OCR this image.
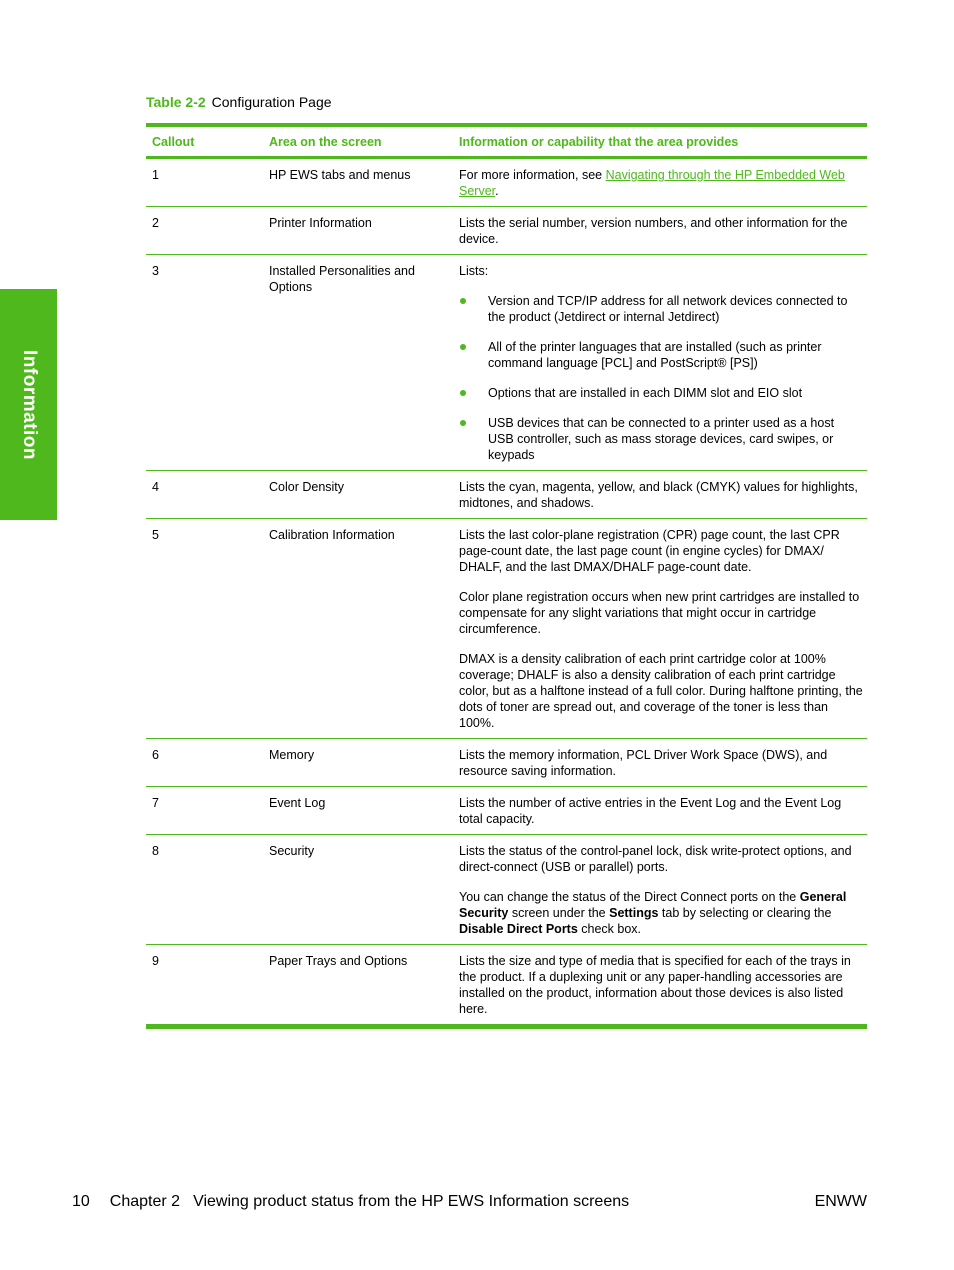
Information
Table 2-2 Configuration Page
Callout	Area on the screen	Information or capability that the area provides
1	HP EWS tabs and menus	For more information, see Navigating through the HP Embedded Web Server.
2	Printer Information	Lists the serial number, version numbers, and other information for the device.
3	Installed Personalities and Options
Lists:
Version and TCP/IP address for all network devices connected to the product (Jetdirect or internal Jetdirect)
All of the printer languages that are installed (such as printer command language [PCL] and PostScript® [PS])
Options that are installed in each DIMM slot and EIO slot
USB devices that can be connected to a printer used as a host USB controller, such as mass storage devices, card swipes, or keypads
4	Color Density	Lists the cyan, magenta, yellow, and black (CMYK) values for highlights, midtones, and shadows.
5	Calibration Information	Lists the last color-plane registration (CPR) page count, the last CPR page-count date, the last page count (in engine cycles) for DMAX/ DHALF, and the last DMAX/DHALF page-count date.

Color plane registration occurs when new print cartridges are installed to compensate for any slight variations that might occur in cartridge circumference.

DMAX is a density calibration of each print cartridge color at 100% coverage; DHALF is also a density calibration of each print cartridge color, but as a halftone instead of a full color. During halftone printing, the dots of toner are spread out, and coverage of the toner is less than 100%.

6	Memory	Lists the memory information, PCL Driver Work Space (DWS), and resource saving information.
7	Event Log	Lists the number of active entries in the Event Log and the Event Log total capacity.
8	Security	Lists the status of the control-panel lock, disk write-protect options, and direct-connect (USB or parallel) ports.

You can change the status of the Direct Connect ports on the General Security screen under the Settings tab by selecting or clearing the Disable Direct Ports check box.

9	Paper Trays and Options	Lists the size and type of media that is specified for each of the trays in the product. If a duplexing unit or any paper-handling accessories are installed on the product, information about those devices is also listed here.
10 Chapter 2 Viewing product status from the HP EWS Information screens	ENWW
